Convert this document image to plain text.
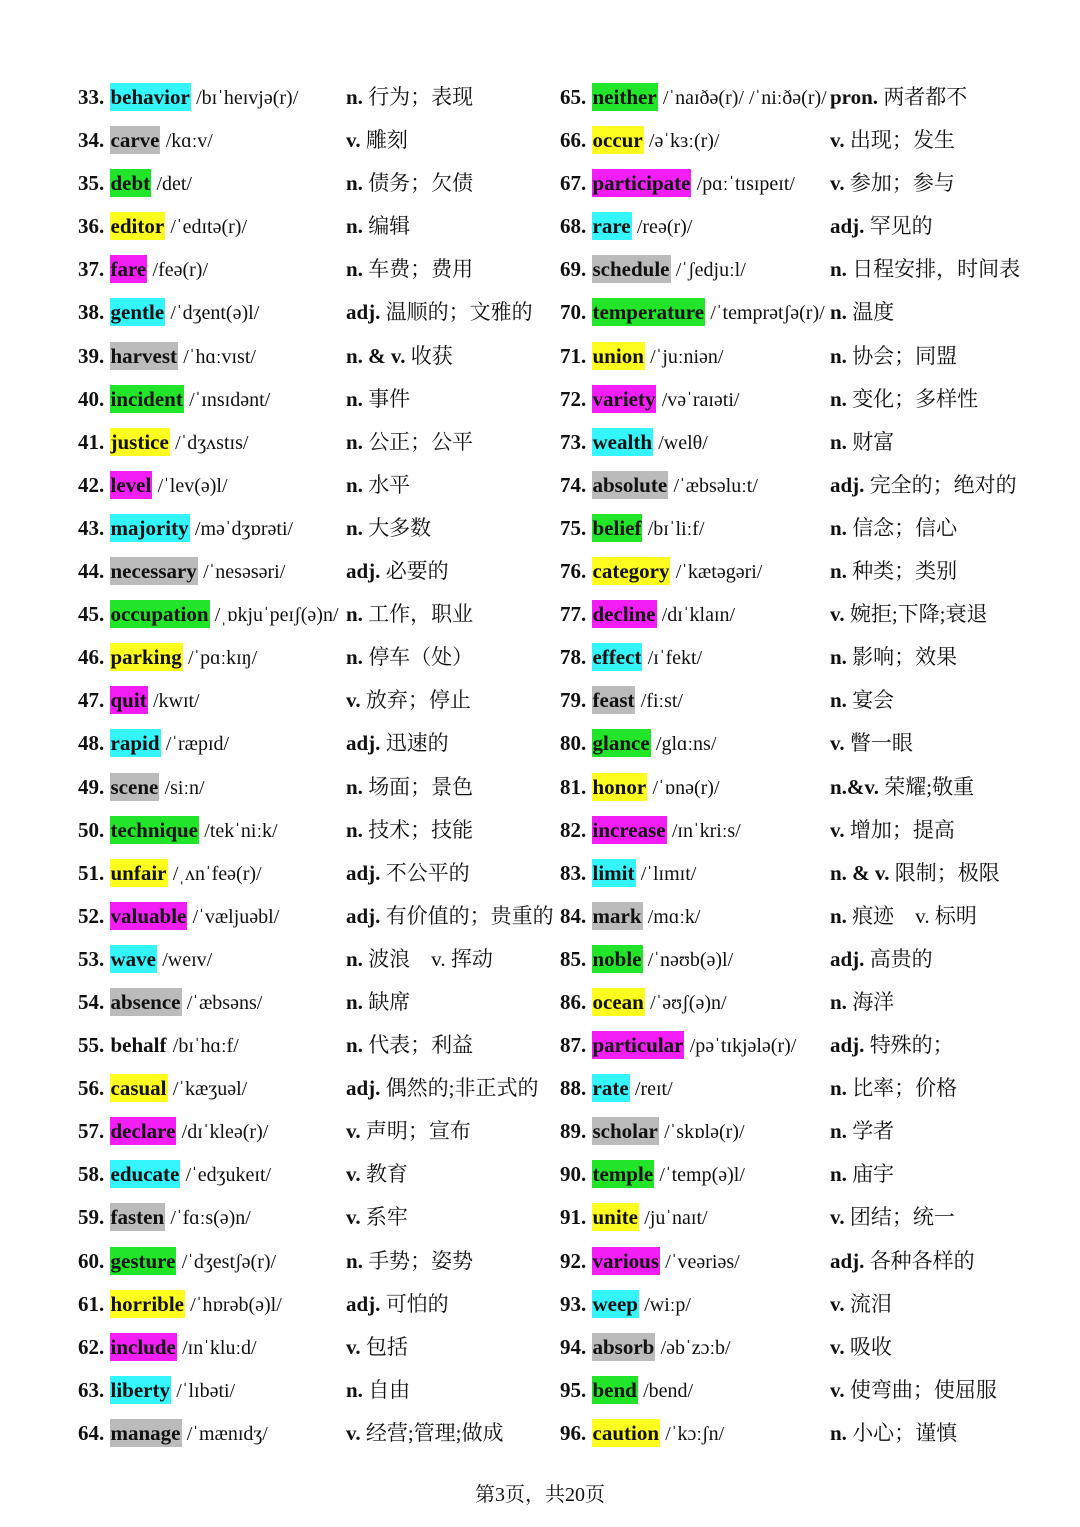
33. behavior /bɪˈheɪvjə(r)/ n. 行为；表现
34. carve /kɑːv/	v. 雕刻
35. debt /det/	n. 债务；欠债
36. editor /ˈedɪtə(r)/	n. 编辑
37. fare /feə(r)/	n. 车费；费用
38. gentle /ˈdʒent(ə)l/	adj. 温顺的；文雅的
39. harvest /ˈhɑːvɪst/	n. & v. 收获
40. incident /ˈɪnsɪdənt/	n. 事件
41. justice /ˈdʒʌstɪs/	n. 公正；公平
42. level /ˈlev(ə)l/	n. 水平
43. majority /məˈdʒɒrəti/	n. 大多数
44. necessary /ˈnesəsəri/	adj. 必要的
45. occupation /ˌɒkjuˈpeɪʃ(ə)n/ n. 工作，职业
46. parking /ˈpɑːkɪŋ/	n. 停车（处）
47. quit /kwɪt/	v. 放弃；停止
48. rapid /ˈræpɪd/	adj. 迅速的
49. scene /siːn/	n. 场面；景色
50. technique /tekˈniːk/	n. 技术；技能
51. unfair /ˌʌnˈfeə(r)/	adj. 不公平的
52. valuable /ˈvæljuəbl/	adj. 有价值的；贵重的
53. wave /weɪv/	n. 波浪　v. 挥动
54. absence /ˈæbsəns/	n. 缺席
55. behalf /bɪˈhɑːf/	n. 代表；利益
56. casual /ˈkæʒuəl/	adj. 偶然的;非正式的
57. declare /dɪˈkleə(r)/	v. 声明；宣布
58. educate /ˈedʒukeɪt/	v. 教育
59. fasten /ˈfɑːs(ə)n/	v. 系牢
60. gesture /ˈdʒestʃə(r)/	n. 手势；姿势
61. horrible /ˈhɒrəb(ə)l/	adj. 可怕的
62. include /ɪnˈkluːd/	v. 包括
63. liberty /ˈlɪbəti/	n. 自由
64. manage /ˈmænɪdʒ/	v. 经营;管理;做成
65. neither /ˈnaɪðə(r)/ /ˈniːðə(r)/ pron. 两者都不
66. occur /əˈkɜː(r)/	v. 出现；发生
67. participate /pɑːˈtɪsɪpeɪt/ v. 参加；参与
68. rare /reə(r)/	adj. 罕见的
69. schedule /ˈʃedjuːl/	n. 日程安排，时间表
70. temperature /ˈtemprətʃə(r)/ n. 温度
71. union /ˈjuːniən/	n. 协会；同盟
72. variety /vəˈraɪəti/	n. 变化；多样性
73. wealth /welθ/	n. 财富
74. absolute /ˈæbsəluːt/	adj. 完全的；绝对的
75. belief /bɪˈliːf/	n. 信念；信心
76. category /ˈkætəgəri/	n. 种类；类别
77. decline /dɪˈklaɪn/	v. 婉拒;下降;衰退
78. effect /ɪˈfekt/	n. 影响；效果
79. feast /fiːst/	n. 宴会
80. glance /glɑːns/	v. 瞥一眼
81. honor /ˈɒnə(r)/	n.&v. 荣耀;敬重
82. increase /ɪnˈkriːs/	v. 增加；提高
83. limit /ˈlɪmɪt/	n. & v. 限制；极限
84. mark /mɑːk/	n. 痕迹　v. 标明
85. noble /ˈnəʊb(ə)l/	adj. 高贵的
86. ocean /ˈəʊʃ(ə)n/	n. 海洋
87. particular /pəˈtɪkjələ(r)/ adj. 特殊的；
88. rate /reɪt/	n. 比率；价格
89. scholar /ˈskɒlə(r)/	n. 学者
90. temple /ˈtemp(ə)l/	n. 庙宇
91. unite /juˈnaɪt/	v. 团结；统一
92. various /ˈveəriəs/	adj. 各种各样的
93. weep /wiːp/	v. 流泪
94. absorb /əbˈzɔːb/	v. 吸收
95. bend /bend/	v. 使弯曲；使屈服
96. caution /ˈkɔːʃn/	n. 小心；谨慎
第3页，共20页
